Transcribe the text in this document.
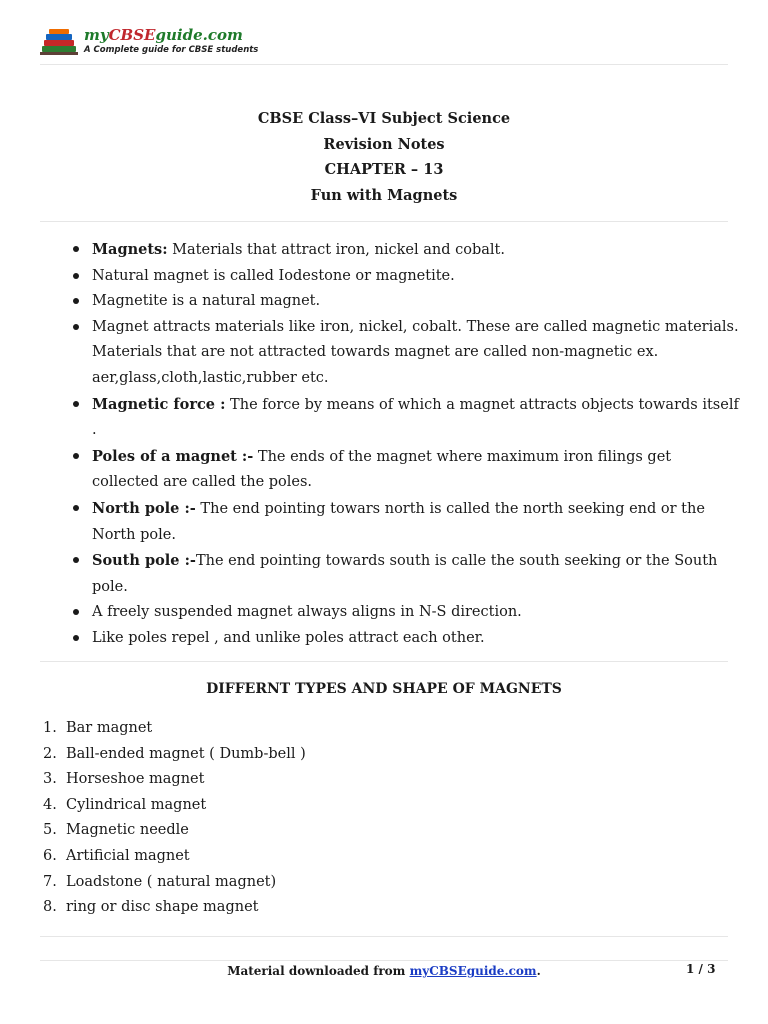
myCBSEguide.com
A Complete guide for CBSE students
CBSE Class–VI Subject Science
Revision Notes
CHAPTER – 13
Fun with Magnets
Magnets: Materials that attract iron, nickel and cobalt.
Natural magnet is called Iodestone or magnetite.
Magnetite is a natural magnet.
Magnet attracts materials like iron, nickel, cobalt. These are called magnetic materials. Materials that are not attracted towards magnet are called non-magnetic ex. aer,glass,cloth,lastic,rubber etc.
Magnetic force : The force by means of which a magnet attracts objects towards itself .
Poles of a magnet :- The ends of the magnet where maximum iron filings get collected are called the poles.
North pole :- The end pointing towars north is called the north seeking end or the North pole.
South pole :-The end pointing towards south is calle the south seeking or the South pole.
A freely suspended magnet always aligns in N-S direction.
Like poles repel , and unlike poles attract each other.
DIFFERNT TYPES AND SHAPE OF MAGNETS
1. Bar magnet
2. Ball-ended magnet ( Dumb-bell )
3. Horseshoe magnet
4. Cylindrical magnet
5. Magnetic needle
6. Artificial magnet
7. Loadstone ( natural magnet)
8. ring or disc shape magnet
Material downloaded from myCBSEguide.com.	1 / 3
